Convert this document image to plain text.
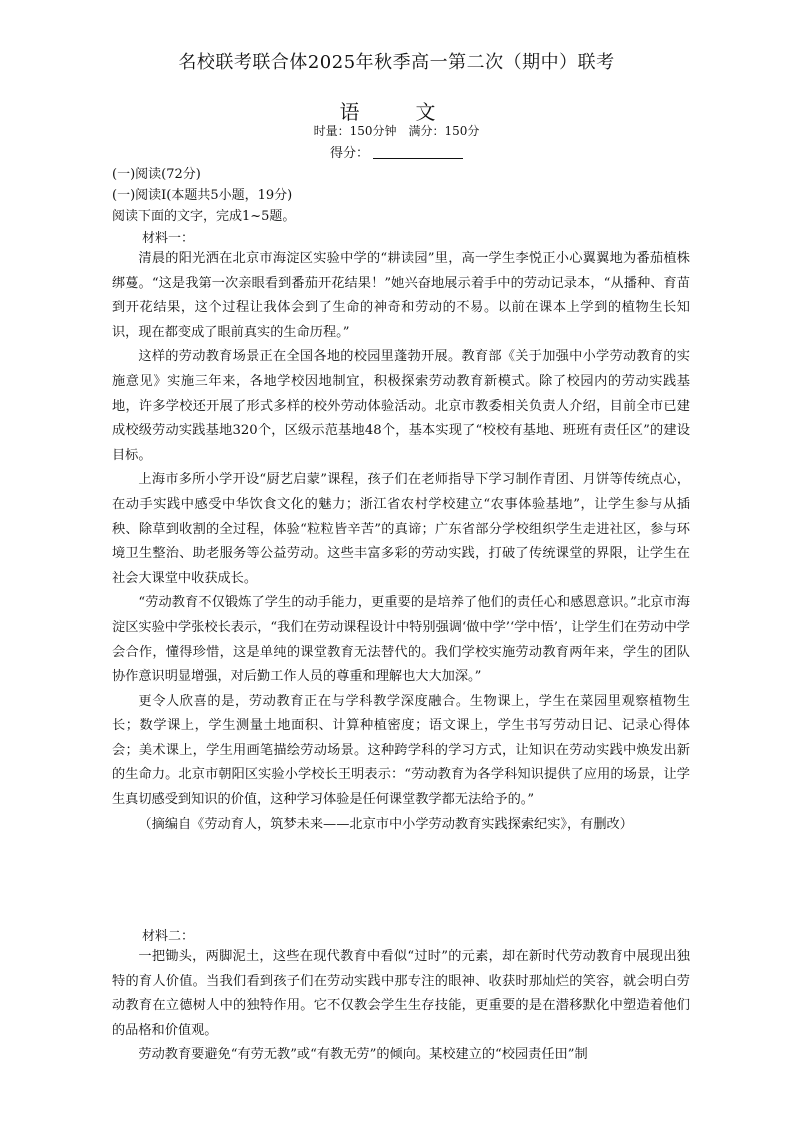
名校联考联合体2025年秋季高一第二次（期中）联考
语　文
时量：150分钟　满分：150分
得分：
(一)阅读(72分)
(一)阅读Ⅰ(本题共5小题，19分)
阅读下面的文字，完成1~5题。
材料一：

清晨的阳光洒在北京市海淀区实验中学的“耕读园”里，高一学生李悦正小心翼翼地为番茄植株绑蔓。“这是我第一次亲眼看到番茄开花结果！”她兴奋地展示着手中的劳动记录本，“从播种、育苗到开花结果，这个过程让我体会到了生命的神奇和劳动的不易。以前在课本上学到的植物生长知识，现在都变成了眼前真实的生命历程。”

这样的劳动教育场景正在全国各地的校园里蓬勃开展。教育部《关于加强中小学劳动教育的实施意见》实施三年来，各地学校因地制宜，积极探索劳动教育新模式。除了校园内的劳动实践基地，许多学校还开展了形式多样的校外劳动体验活动。北京市教委相关负责人介绍，目前全市已建成校级劳动实践基地320个，区级示范基地48个，基本实现了“校校有基地、班班有责任区”的建设目标。

上海市多所小学开设“厨艺启蒙”课程，孩子们在老师指导下学习制作青团、月饼等传统点心，在动手实践中感受中华饮食文化的魅力；浙江省农村学校建立“农事体验基地”，让学生参与从插秧、除草到收割的全过程，体验“粒粒皆辛苦”的真谛；广东省部分学校组织学生走进社区，参与环境卫生整治、助老服务等公益劳动。这些丰富多彩的劳动实践，打破了传统课堂的界限，让学生在社会大课堂中收获成长。

“劳动教育不仅锻炼了学生的动手能力，更重要的是培养了他们的责任心和感恩意识。”北京市海淀区实验中学张校长表示，“我们在劳动课程设计中特别强调‘做中学’‘学中悟’，让学生们在劳动中学会合作，懂得珍惜，这是单纯的课堂教育无法替代的。我们学校实施劳动教育两年来，学生的团队协作意识明显增强，对后勤工作人员的尊重和理解也大大加深。”

更令人欣喜的是，劳动教育正在与学科教学深度融合。生物课上，学生在菜园里观察植物生长；数学课上，学生测量土地面积、计算种植密度；语文课上，学生书写劳动日记、记录心得体会；美术课上，学生用画笔描绘劳动场景。这种跨学科的学习方式，让知识在劳动实践中焕发出新的生命力。北京市朝阳区实验小学校长王明表示：“劳动教育为各学科知识提供了应用的场景，让学生真切感受到知识的价值，这种学习体验是任何课堂教学都无法给予的。”

（摘编自《劳动育人，筑梦未来——北京市中小学劳动教育实践探索纪实》，有删改）

材料二：

一把锄头，两脚泥土，这些在现代教育中看似“过时”的元素，却在新时代劳动教育中展现出独特的育人价值。当我们看到孩子们在劳动实践中那专注的眼神、收获时那灿烂的笑容，就会明白劳动教育在立德树人中的独特作用。它不仅教会学生生存技能，更重要的是在潜移默化中塑造着他们的品格和价值观。

劳动教育要避免“有劳无教”或“有教无劳”的倾向。某校建立的“校园责任田”制
